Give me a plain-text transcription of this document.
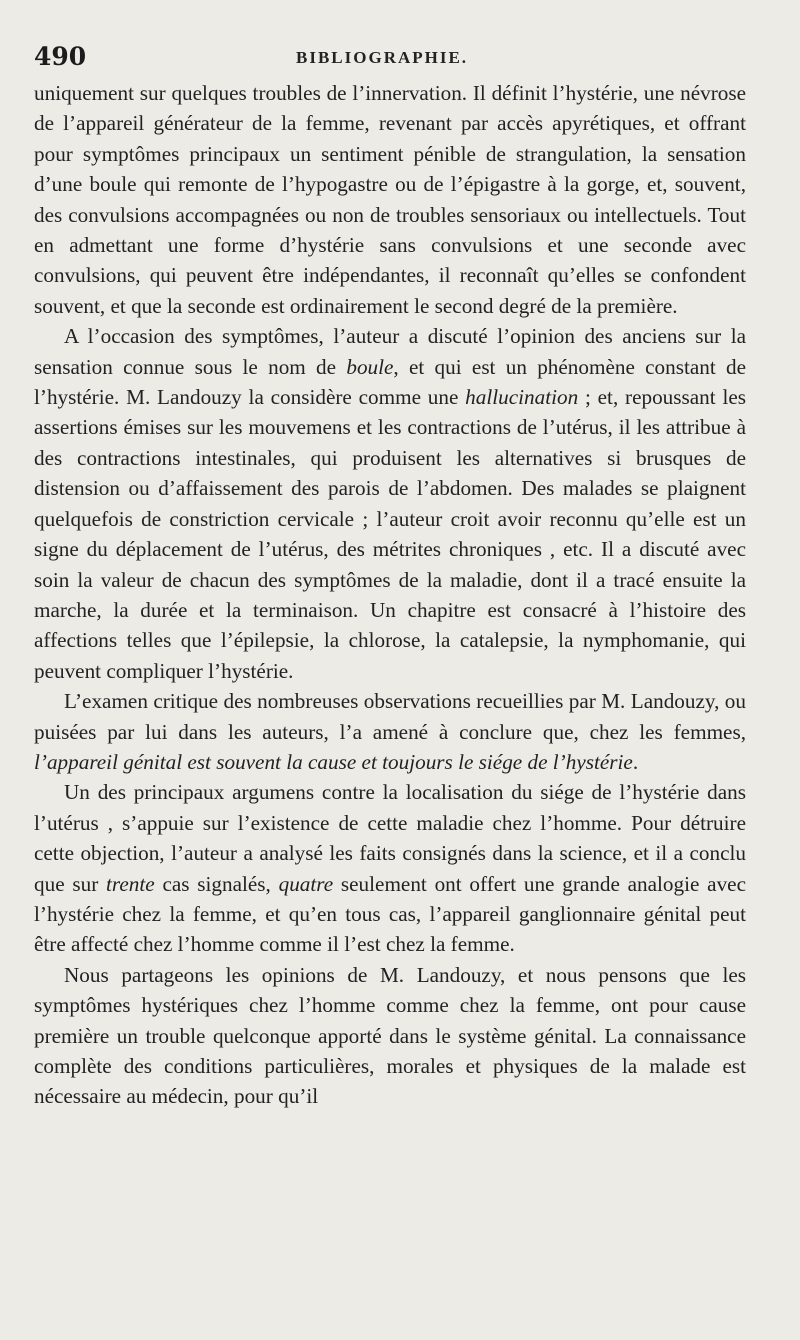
490	BIBLIOGRAPHIE.

uniquement sur quelques troubles de l’innervation. Il définit l’hystérie, une névrose de l’appareil générateur de la femme, revenant par accès apyrétiques, et offrant pour symptômes principaux un sentiment pénible de strangulation, la sensation d’une boule qui remonte de l’hypogastre ou de l’épigastre à la gorge, et, souvent, des convulsions accompagnées ou non de troubles sensoriaux ou intellectuels. Tout en admettant une forme d’hystérie sans convulsions et une seconde avec convulsions, qui peuvent être indépendantes, il reconnaît qu’elles se confondent souvent, et que la seconde est ordinairement le second degré de la première.

A l’occasion des symptômes, l’auteur a discuté l’opinion des anciens sur la sensation connue sous le nom de boule, et qui est un phénomène constant de l’hystérie. M. Landouzy la considère comme une hallucination ; et, repoussant les assertions émises sur les mouvemens et les contractions de l’utérus, il les attribue à des contractions intestinales, qui produisent les alternatives si brusques de distension ou d’affaissement des parois de l’abdomen. Des malades se plaignent quelquefois de constriction cervicale ; l’auteur croit avoir reconnu qu’elle est un signe du déplacement de l’utérus, des métrites chroniques , etc. Il a discuté avec soin la valeur de chacun des symptômes de la maladie, dont il a tracé ensuite la marche, la durée et la terminaison. Un chapitre est consacré à l’histoire des affections telles que l’épilepsie, la chlorose, la catalepsie, la nymphomanie, qui peuvent compliquer l’hystérie.

L’examen critique des nombreuses observations recueillies par M. Landouzy, ou puisées par lui dans les auteurs, l’a amené à conclure que, chez les femmes, l’appareil génital est souvent la cause et toujours le siége de l’hystérie.

Un des principaux argumens contre la localisation du siége de l’hystérie dans l’utérus , s’appuie sur l’existence de cette maladie chez l’homme. Pour détruire cette objection, l’auteur a analysé les faits consignés dans la science, et il a conclu que sur trente cas signalés, quatre seulement ont offert une grande analogie avec l’hystérie chez la femme, et qu’en tous cas, l’appareil ganglionnaire génital peut être affecté chez l’homme comme il l’est chez la femme.

Nous partageons les opinions de M. Landouzy, et nous pensons que les symptômes hystériques chez l’homme comme chez la femme, ont pour cause première un trouble quelconque apporté dans le système génital. La connaissance complète des conditions particulières, morales et physiques de la malade est nécessaire au médecin, pour qu’il
